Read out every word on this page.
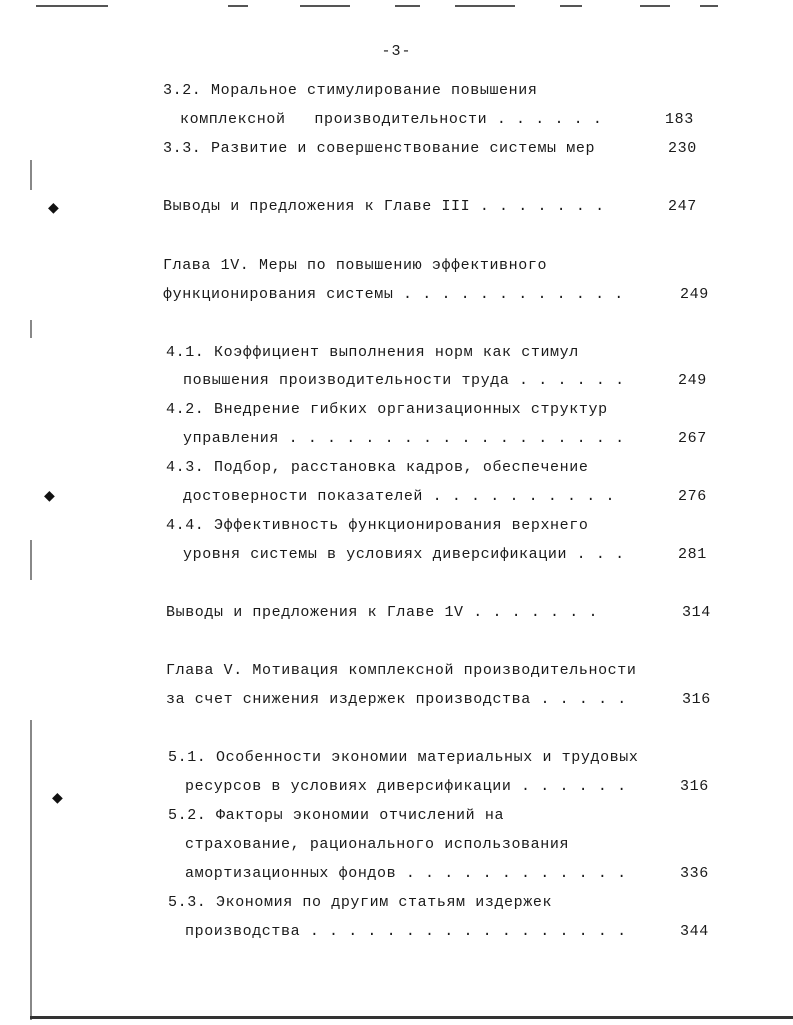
◆
◆
◆
-3-
3.2. Моральное стимулирование повышения
комплексной   производительности . . . . . .	183
3.3. Развитие и совершенствование системы мер	230
Выводы и предложения к Главе III . . . . . . .	247
Глава 1V. Меры по повышению эффективного
функционирования системы . . . . . . . . . . . .	249
4.1. Коэффициент выполнения норм как стимул
повышения производительности труда . . . . . .	249
4.2. Внедрение гибких организационных структур
управления . . . . . . . . . . . . . . . . . .	267
4.3. Подбор, расстановка кадров, обеспечение
достоверности показателей . . . . . . . . . .	276
4.4. Эффективность функционирования верхнего
уровня системы в условиях диверсификации . . .	281
Выводы и предложения к Главе 1V . . . . . . .	314
Глава V. Мотивация комплексной производительности
за счет снижения издержек производства . . . . .	316
5.1. Особенности экономии материальных и трудовых
ресурсов в условиях диверсификации . . . . . .	316
5.2. Факторы экономии отчислений на
страхование, рационального использования
амортизационных фондов . . . . . . . . . . . .	336
5.3. Экономия по другим статьям издержек
производства . . . . . . . . . . . . . . . . .	344
